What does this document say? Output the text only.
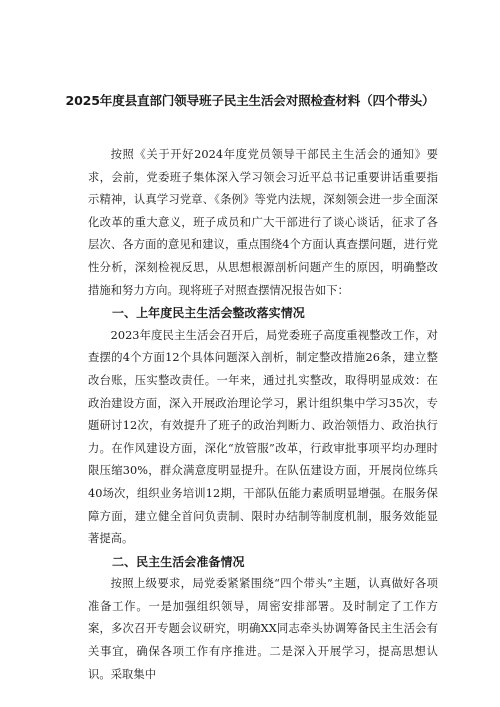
2025年度县直部门领导班子民主生活会对照检查材料（四个带头）

按照《关于开好2024年度党员领导干部民主生活会的通知》要求，会前，党委班子集体深入学习领会习近平总书记重要讲话重要指示精神，认真学习党章、《条例》等党内法规，深刻领会进一步全面深化改革的重大意义，班子成员和广大干部进行了谈心谈话，征求了各层次、各方面的意见和建议，重点围绕4个方面认真查摆问题，进行党性分析，深刻检视反思，从思想根源剖析问题产生的原因，明确整改措施和努力方向。现将班子对照查摆情况报告如下：

一、上年度民主生活会整改落实情况

2023年度民主生活会召开后，局党委班子高度重视整改工作，对查摆的4个方面12个具体问题深入剖析，制定整改措施26条，建立整改台账，压实整改责任。一年来，通过扎实整改，取得明显成效：在政治建设方面，深入开展政治理论学习，累计组织集中学习35次，专题研讨12次，有效提升了班子的政治判断力、政治领悟力、政治执行力。在作风建设方面，深化“放管服”改革，行政审批事项平均办理时限压缩30%，群众满意度明显提升。在队伍建设方面，开展岗位练兵40场次，组织业务培训12期，干部队伍能力素质明显增强。在服务保障方面，建立健全首问负责制、限时办结制等制度机制，服务效能显著提高。

二、民主生活会准备情况

按照上级要求，局党委紧紧围绕“四个带头”主题，认真做好各项准备工作。一是加强组织领导，周密安排部署。及时制定了工作方案，多次召开专题会议研究，明确XX同志牵头协调筹备民主生活会有关事宜，确保各项工作有序推进。二是深入开展学习，提高思想认识。采取集中
